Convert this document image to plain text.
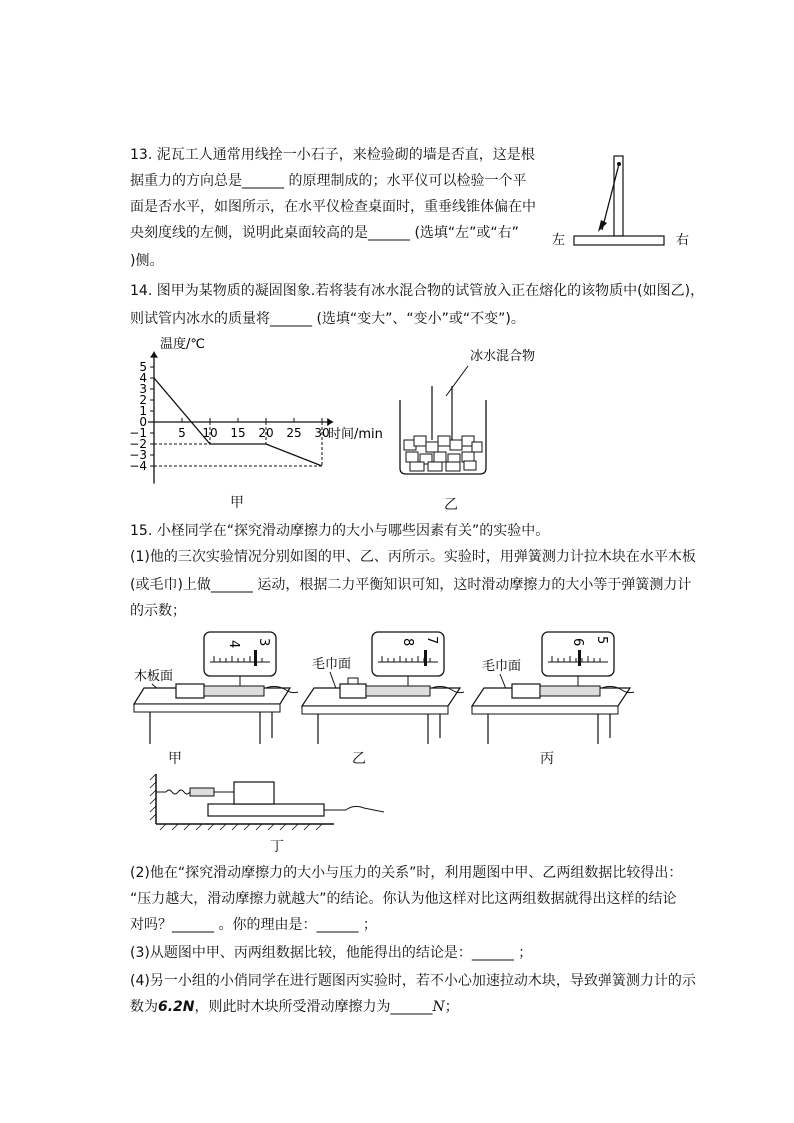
13. 泥瓦工人通常用线拴一小石子，来检验砌的墙是否直，这是根
据重力的方向总是______ 的原理制成的；水平仪可以检验一个平
面是否水平，如图所示，在水平仪检查桌面时，重垂线锥体偏在中
央刻度线的左侧，说明此桌面较高的是______ (选填“左”或“右”
)侧。
左	右
14. 图甲为某物质的凝固图象.若将装有冰水混合物的试管放入正在熔化的该物质中(如图乙)，
则试管内冰水的质量将______ (选填“变大”、“变小”或“不变”)。
5
4
3
2
1
0
−1
−2
−3
−4
5 10 15 20 25 30
温度/℃
时间/min
甲
冰水混合物
乙
15. 小柽同学在“探究滑动摩擦力的大小与哪些因素有关”的实验中。
(1)他的三次实验情况分别如图的甲、乙、丙所示。实验时，用弹簧测力计拉木块在水平木板
(或毛巾)上做______ 运动，根据二力平衡知识可知，这时滑动摩擦力的大小等于弹簧测力计
的示数；
3
4
木板面
甲
7
8
毛巾面
乙
5
6
毛巾面
丙
丁
(2)他在“探究滑动摩擦力的大小与压力的关系”时，利用题图中甲、乙两组数据比较得出：
“压力越大，滑动摩擦力就越大”的结论。你认为他这样对比这两组数据就得出这样的结论
对吗？______ 。你的理由是：______ ；
(3)从题图中甲、丙两组数据比较，他能得出的结论是：______ ；
(4)另一小组的小俏同学在进行题图丙实验时，若不小心加速拉动木块，导致弹簧测力计的示
数为6.2N，则此时木块所受滑动摩擦力为______N；
